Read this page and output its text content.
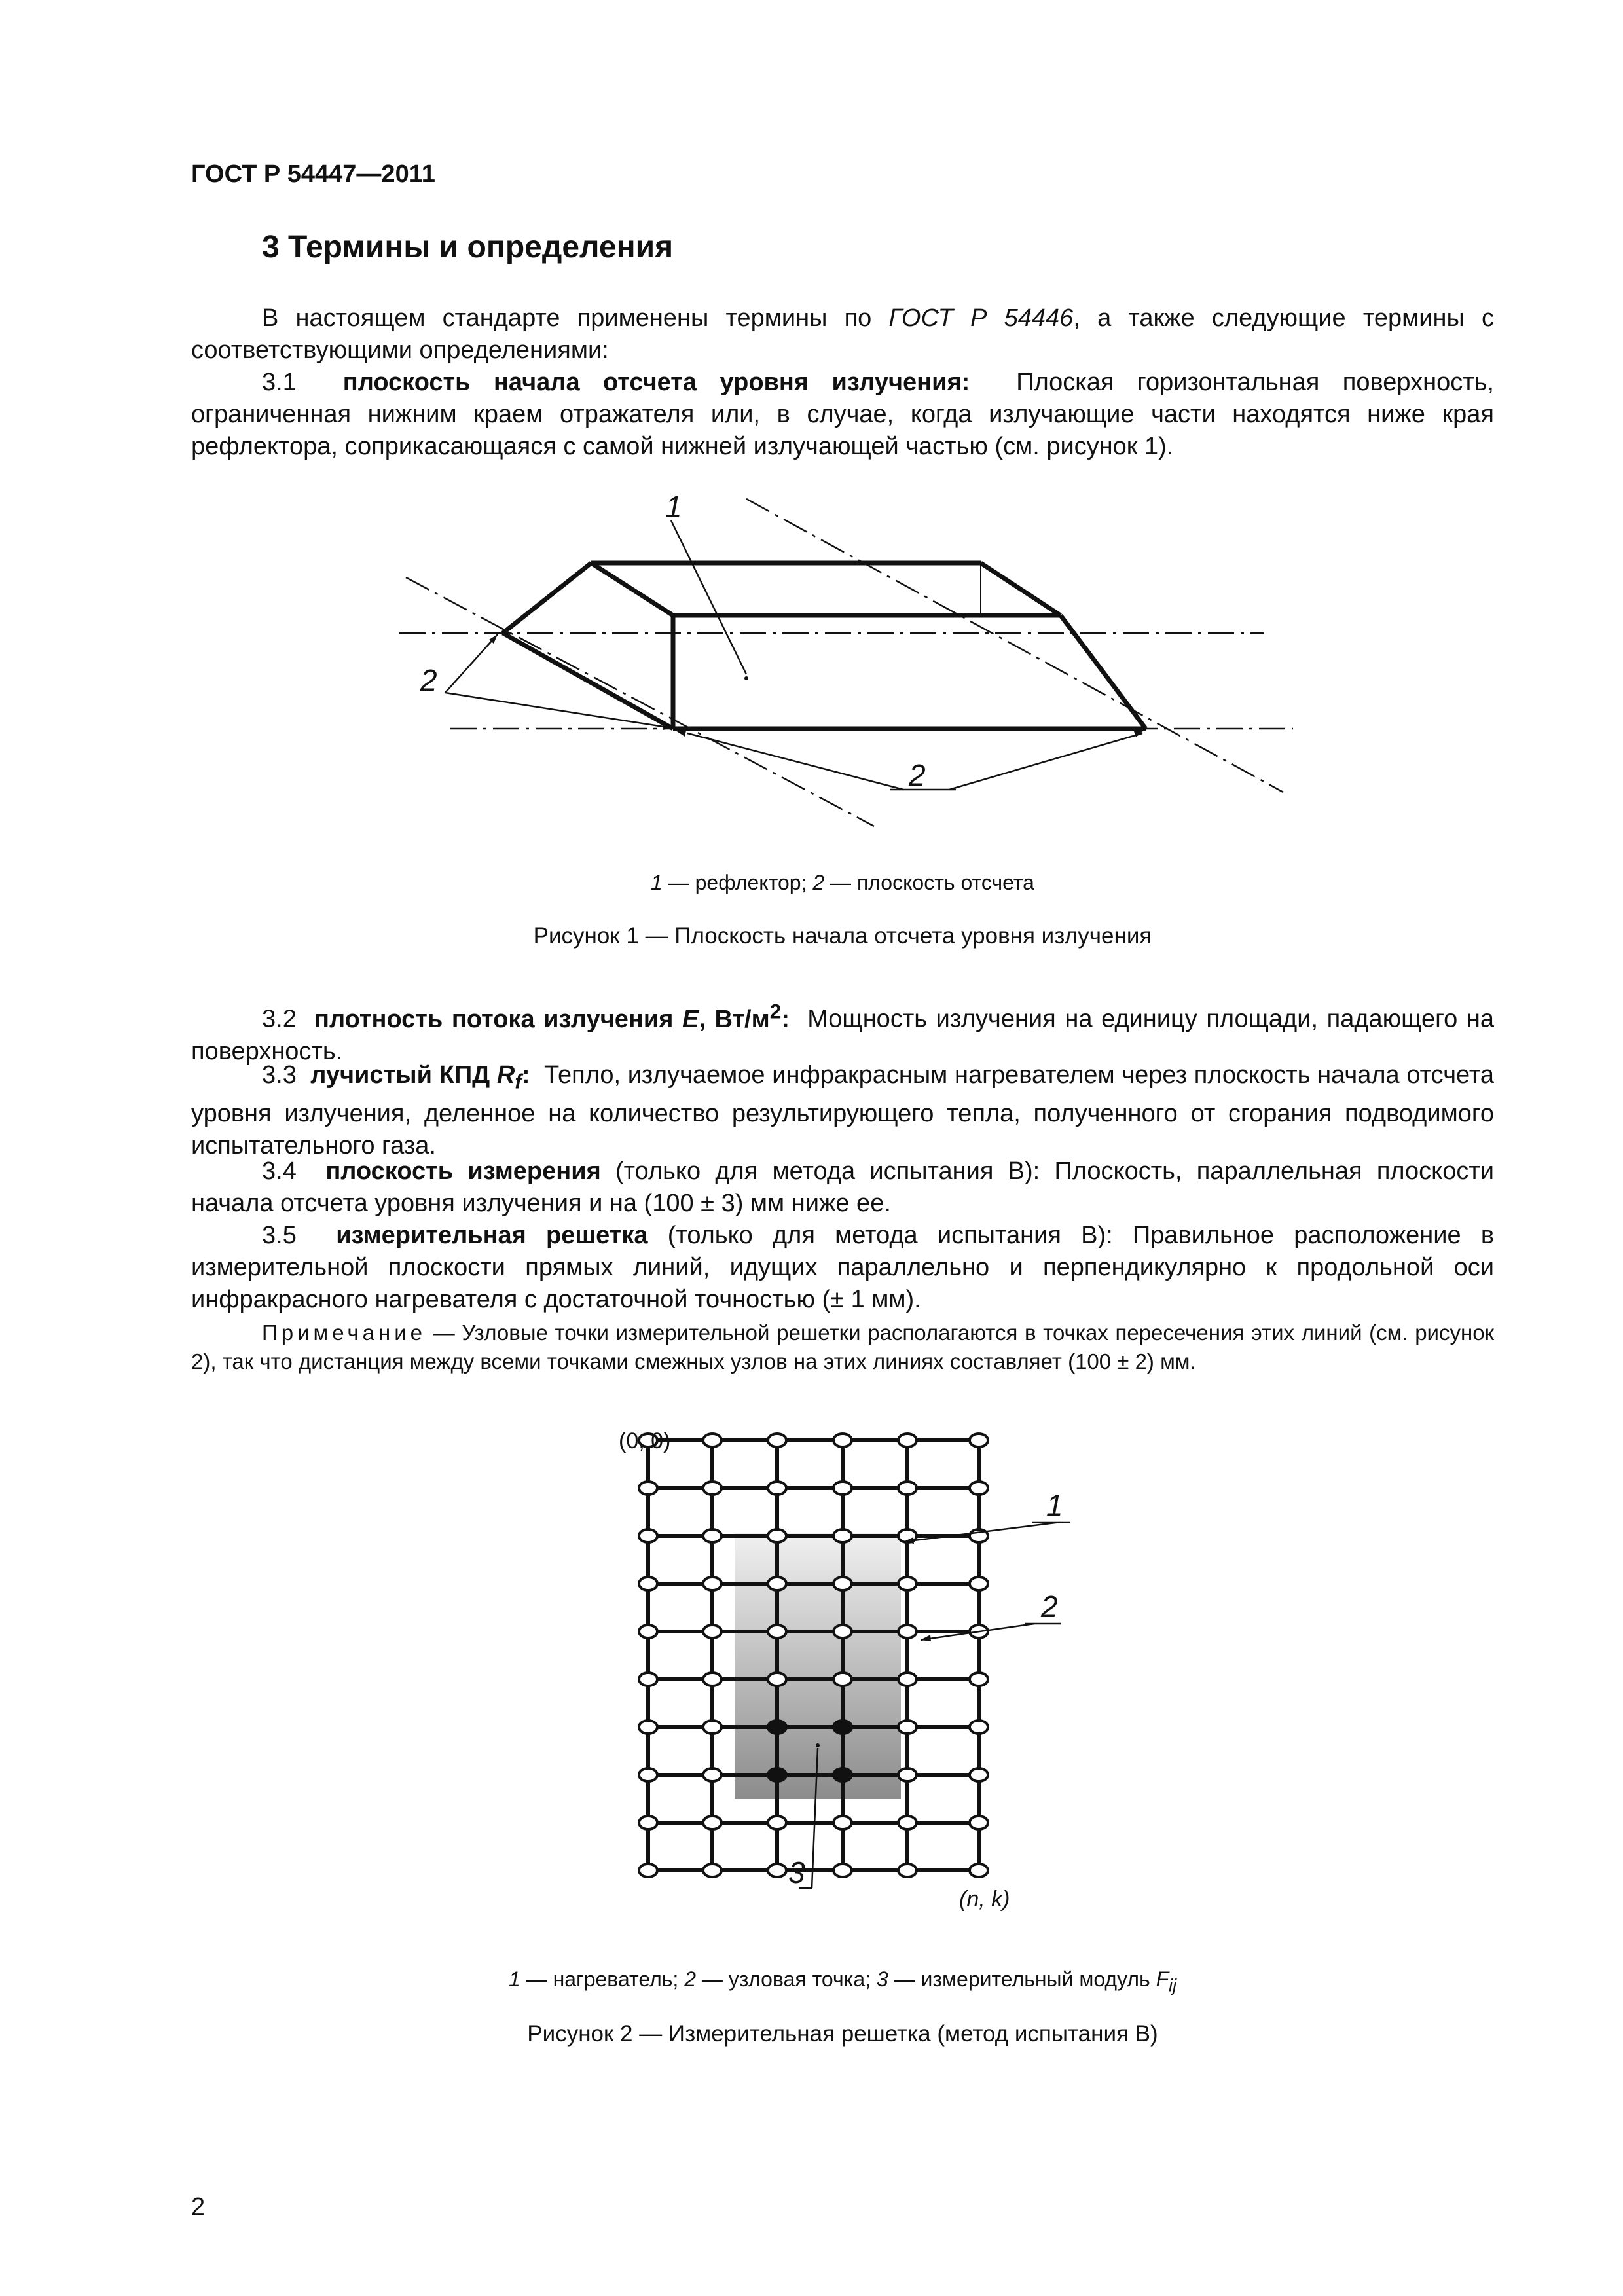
ГОСТ Р 54447—2011
3 Термины и определения
В настоящем стандарте применены термины по ГОСТ Р 54446, а также следующие термины с соответствующими определениями:
3.1 плоскость начала отсчета уровня излучения: Плоская горизонтальная поверхность, ограниченная нижним краем отражателя или, в случае, когда излучающие части находятся ниже края рефлектора, соприкасающаяся с самой нижней излучающей частью (см. рисунок 1).
1
2
2
1 — рефлектор; 2 — плоскость отсчета
Рисунок 1 — Плоскость начала отсчета уровня излучения
3.2 плотность потока излучения E, $Вт/м^2$: Мощность излучения на единицу площади, падающего на поверхность.
3.3 лучистый КПД $R_f$: Тепло, излучаемое инфракрасным нагревателем через плоскость начала отсчета уровня излучения, деленное на количество результирующего тепла, полученного от сгорания подводимого испытательного газа.
3.4 плоскость измерения (только для метода испытания В): Плоскость, параллельная плоскости начала отсчета уровня излучения и на (100 ± 3) мм ниже ее.
3.5 измерительная решетка (только для метода испытания В): Правильное расположение в измерительной плоскости прямых линий, идущих параллельно и перпендикулярно к продольной оси инфракрасного нагревателя с достаточной точностью (± 1 мм).
Примечание — Узловые точки измерительной решетки располагаются в точках пересечения этих линий (см. рисунок 2), так что дистанция между всеми точками смежных узлов на этих линиях составляет (100 ± 2) мм.
(0, 0)
(n, k)
1
2
3
1 — нагреватель; 2 — узловая точка; 3 — измерительный модуль $F_{ij}$
Рисунок 2 — Измерительная решетка (метод испытания В)
2
